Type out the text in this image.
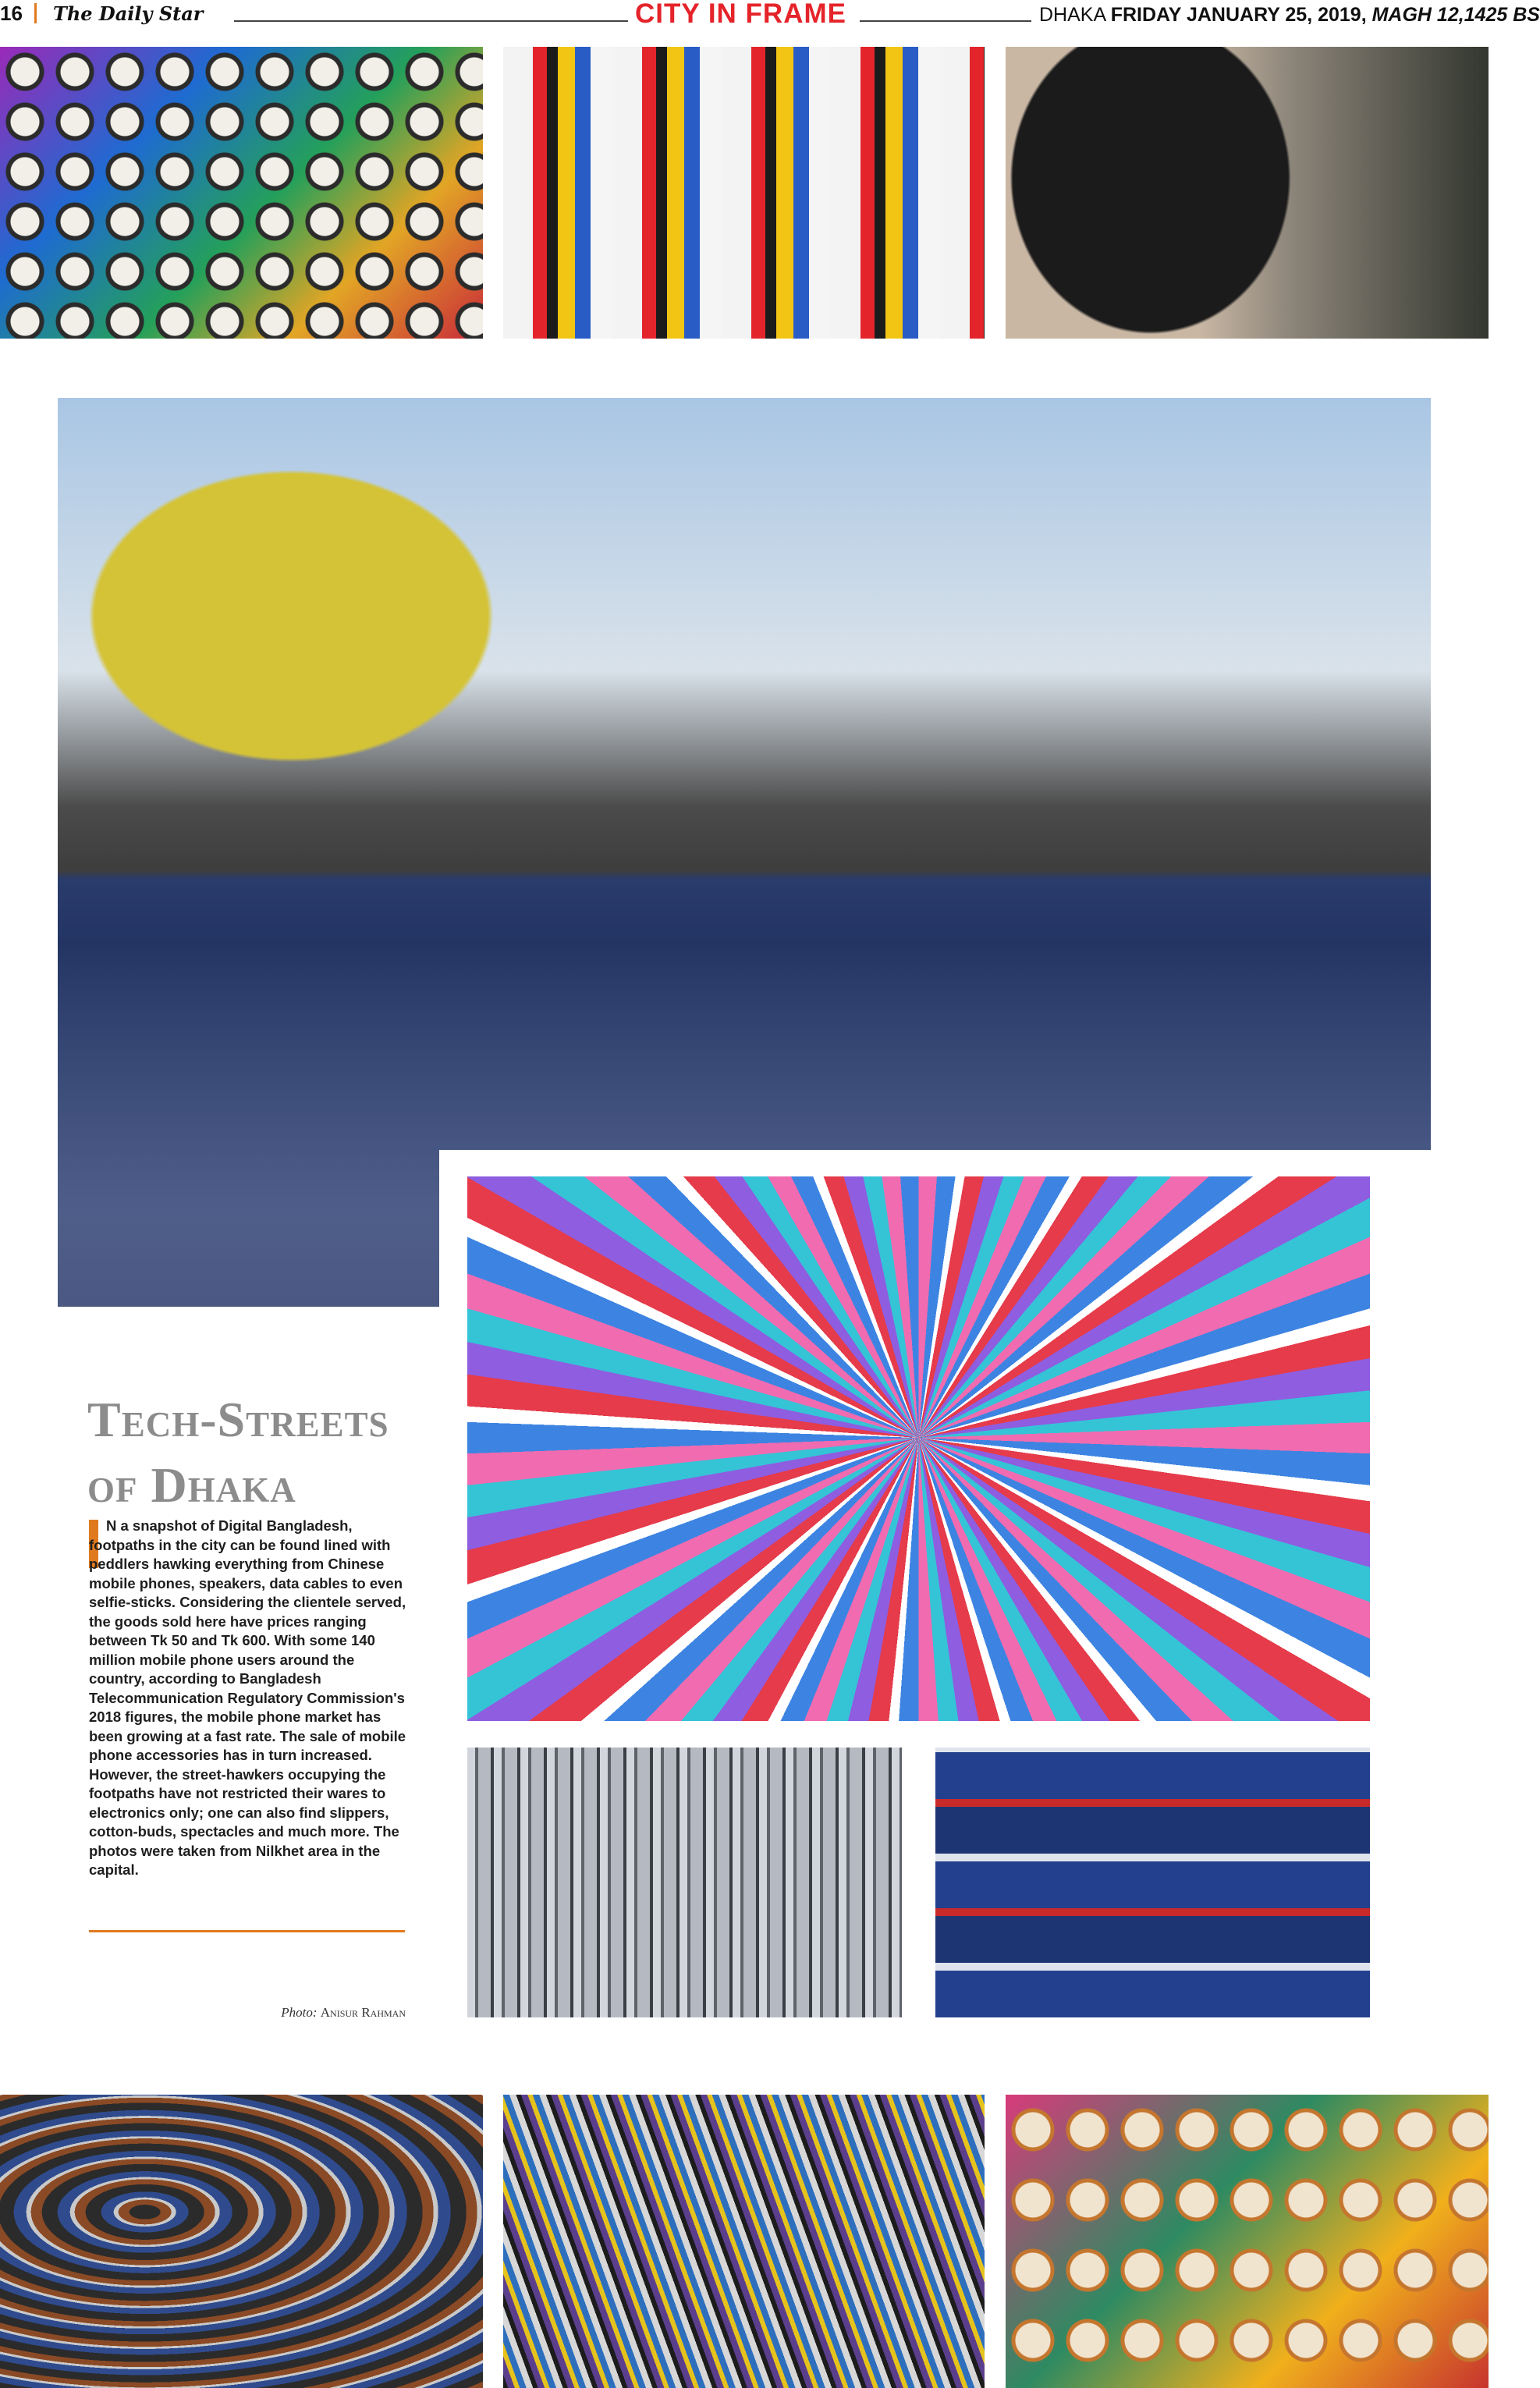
16 The Daily Star	CITY IN FRAME	DHAKA FRIDAY JANUARY 25, 2019, MAGH 12,1425 BS
Tech-Streets
of Dhaka
N a snapshot of Digital Bangladesh, footpaths in the city can be found lined with peddlers hawking everything from Chinese mobile phones, speakers, data cables to even selfie-sticks. Considering the clientele served, the goods sold here have prices ranging between Tk 50 and Tk 600. With some 140 million mobile phone users around the country, according to Bangladesh Telecommunication Regulatory Commission's 2018 figures, the mobile phone market has been growing at a fast rate. The sale of mobile phone accessories has in turn increased. However, the street-hawkers occupying the footpaths have not restricted their wares to electronics only; one can also find slippers, cotton-buds, spectacles and much more. The photos were taken from Nilkhet area in the capital.
Photo: Anisur Rahman
